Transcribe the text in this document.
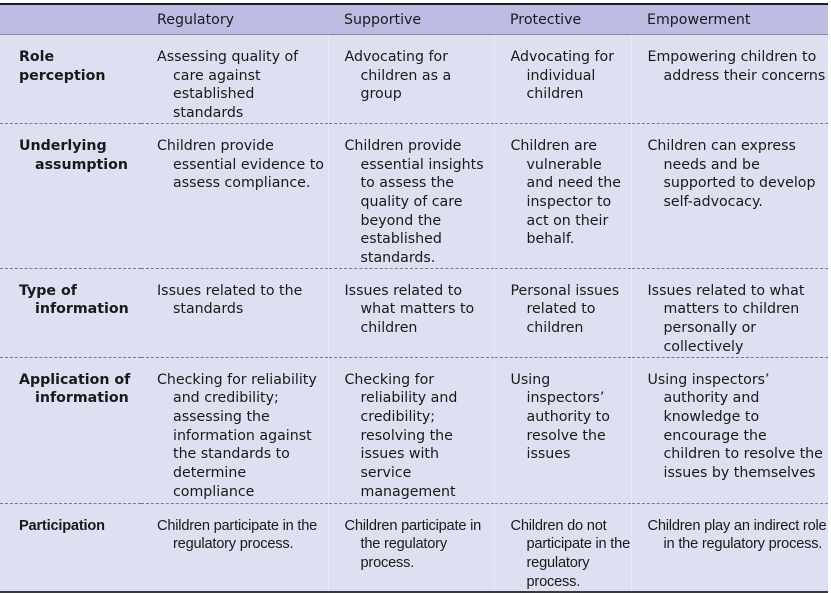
	Regulatory	Supportive	Protective	Empowerment
Role perception	Assessing quality of care against established standards	Advocating for children as a group	Advocating for individual children	Empowering children to address their concerns

Underlying assumption	Children provide essential evidence to assess compliance.	Children provide essential insights to assess the quality of care beyond the established standards.	Children are vulnerable and need the inspector to act on their behalf.	Children can express needs and be supported to develop self-advocacy.

Type of information	Issues related to the standards	Issues related to what matters to children	Personal issues related to children	Issues related to what matters to children personally or collectively

Application of information	Checking for reliability and credibility; assessing the information against the standards to determine compliance	Checking for reliability and credibility; resolving the issues with service management	Using inspectors’ authority to resolve the issues	Using inspectors’ authority and knowledge to encourage the children to resolve the issues by themselves

Participation	Children participate in the regulatory process.	Children participate in the regulatory process.	Children do not participate in the regulatory process.	Children play an indirect role in the regulatory process.
